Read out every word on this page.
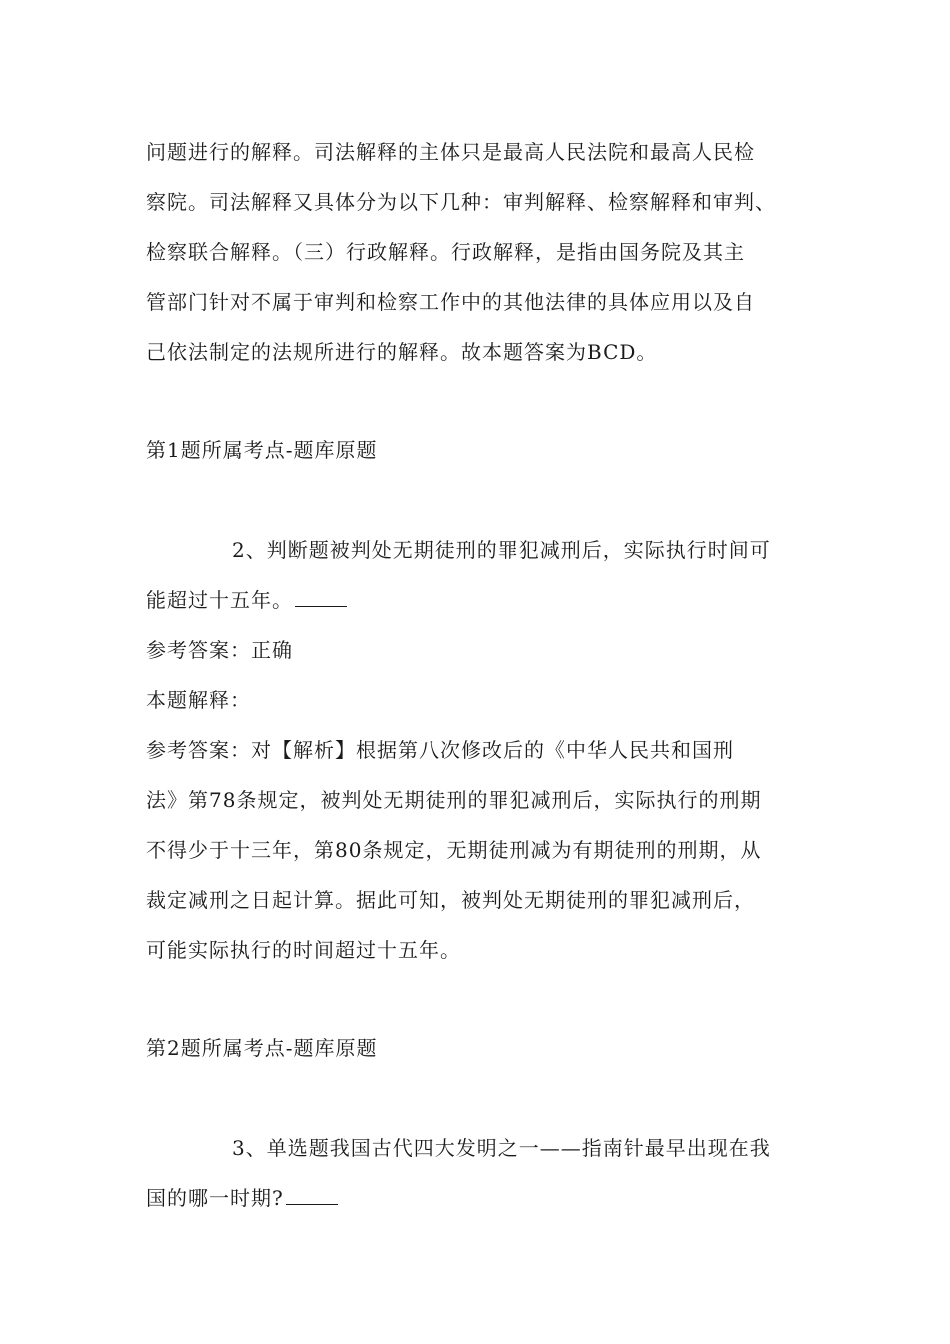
问题进行的解释。司法解释的主体只是最高人民法院和最高人民检
察院。司法解释又具体分为以下几种：审判解释、检察解释和审判、
检察联合解释。（三）行政解释。行政解释，是指由国务院及其主
管部门针对不属于审判和检察工作中的其他法律的具体应用以及自
己依法制定的法规所进行的解释。故本题答案为BCD。
第1题所属考点-题库原题
2、判断题被判处无期徒刑的罪犯减刑后，实际执行时间可
能超过十五年。
参考答案：正确
本题解释：
参考答案：对【解析】根据第八次修改后的《中华人民共和国刑
法》第78条规定，被判处无期徒刑的罪犯减刑后，实际执行的刑期
不得少于十三年，第80条规定，无期徒刑减为有期徒刑的刑期，从
裁定减刑之日起计算。据此可知，被判处无期徒刑的罪犯减刑后，
可能实际执行的时间超过十五年。
第2题所属考点-题库原题
3、单选题我国古代四大发明之一——指南针最早出现在我
国的哪一时期?
